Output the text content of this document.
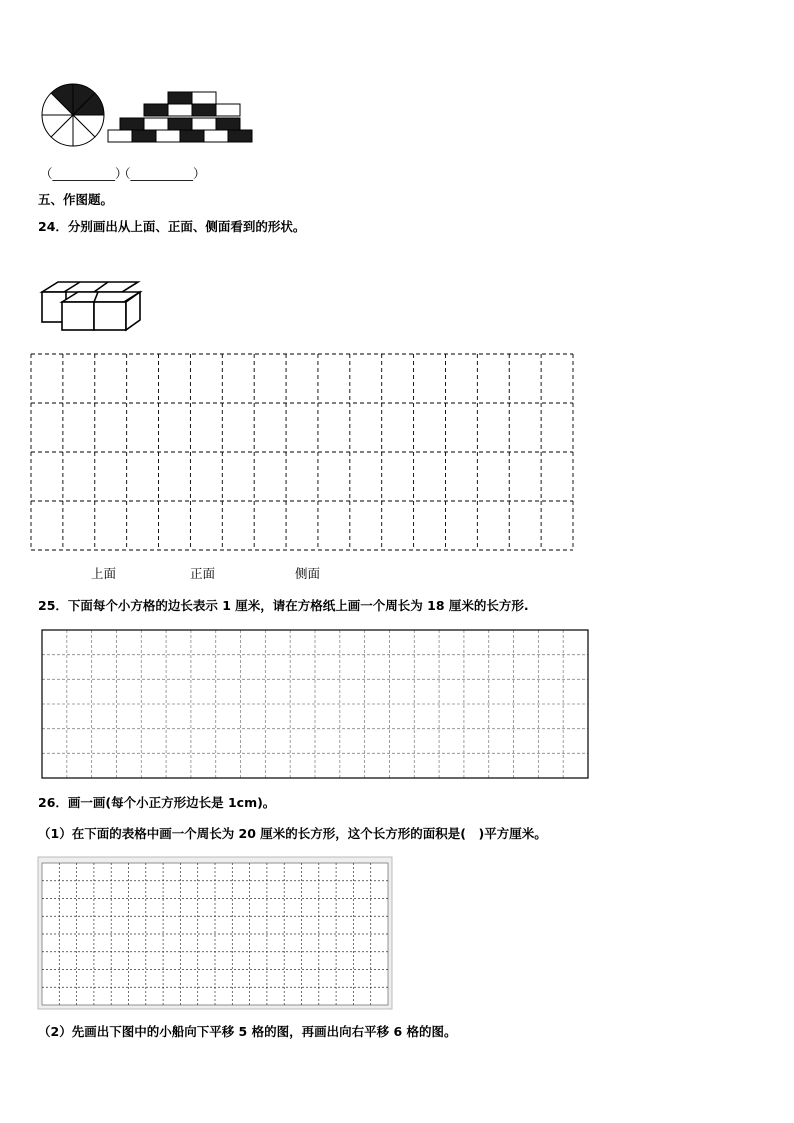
（__________）
（__________）
五、作图题。
24．分别画出从上面、正面、侧面看到的形状。
上面	正面	侧面
25．下面每个小方格的边长表示 1 厘米，请在方格纸上画一个周长为 18 厘米的长方形.
26．画一画(每个小正方形边长是 1cm)。
（1）在下面的表格中画一个周长为 20 厘米的长方形，这个长方形的面积是(　)平方厘米。
（2）先画出下图中的小船向下平移 5 格的图，再画出向右平移 6 格的图。
